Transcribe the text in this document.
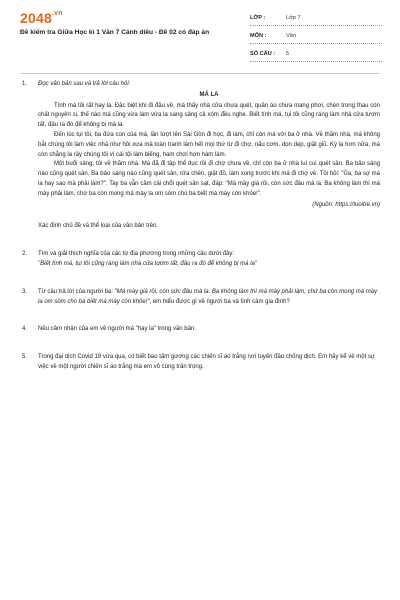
$2048^{.vn}$
Đề kiểm tra Giữa Học kì 1 Văn 7 Cánh diều - Đề 02 có đáp án
LỚP :	Lớp 7
MÔN :	Văn
SỐ CÂU : 5
1. Đọc văn bản sau và trả lời câu hỏi:
MÁ LA

Tính má tôi rất hay la. Đặc biệt khi đi đâu về, má thấy nhà cửa chưa quét, quần áo chưa mang phơi, chén trong thau còn chất nguyên si, thế nào má cũng vừa làm vừa la sang sảng cả xóm đều nghe. Biết tính má, tụi tôi cũng ráng làm nhà cửa tươm tất, đâu ra đó để không bị má la.

Đến lúc tụi tôi, ba đứa con của má, lần lượt lên Sài Gòn đi học, đi làm, chỉ còn má với ba ở nhà. Về thăm nhà, má không bắt chúng tôi làm việc nhà như hồi xưa mà toàn tranh làm hết mọi thứ từ đi chợ, nấu cơm, dọn dẹp, giặt giũ. Kỳ lạ hơn nữa, má còn chẳng la rầy chúng tôi vì cái tội làm biếng, ham chơi hơn hàm làm.

Một buổi sáng, tôi về thăm nhà. Má đã đi tập thể dục rồi đi chợ chưa về, chỉ còn ba ở nhà lui cui quét sân. Ba bảo sáng nào cũng quét sân. Ba bảo sáng nào cũng quét sân, rửa chén, giặt đồ, làm xong trước khi má đi chợ về. Tôi hỏi: "Ủa, ba sợ má la hay sao mà phải làm?". Tay ba vẫn cầm cái chổi quét sân sạt, đáp: "Má mày già rồi, còn sức đâu mà la. Ba không làm thì má mày phải làm, chứ ba còn mong má mày la om sòm cho ba biết má mày còn khỏe!".

(Nguồn: https://tuoitre.vn)
Xác định chủ đề và thể loại của văn bản trên.
2. Tìm và giải thích nghĩa của các từ địa phương trong những câu dưới đây:
"Biết tính má, tụi tôi cũng ráng làm nhà cửa tươm tất, đâu ra đó để không bị má la"
3. Từ câu trả lời của người ba: "Má mày già rồi, còn sức đâu mà la. Ba không làm thì má mày phải làm, chứ ba còn mong má mày la om sòm cho ba biết má mày còn khỏe!", em hiểu được gì về người ba và tình cảm gia đình?
4. Nêu cảm nhận của em về người má "hay la" trong văn bản.
5. Trong đại dịch Covid 19 vừa qua, có biết bao tấm gương các chiến sĩ áo trắng nơi tuyến đầu chống dịch. Em hãy kể về một sự việc về một người chiến sĩ áo trắng mà em vô cùng trân trọng.
